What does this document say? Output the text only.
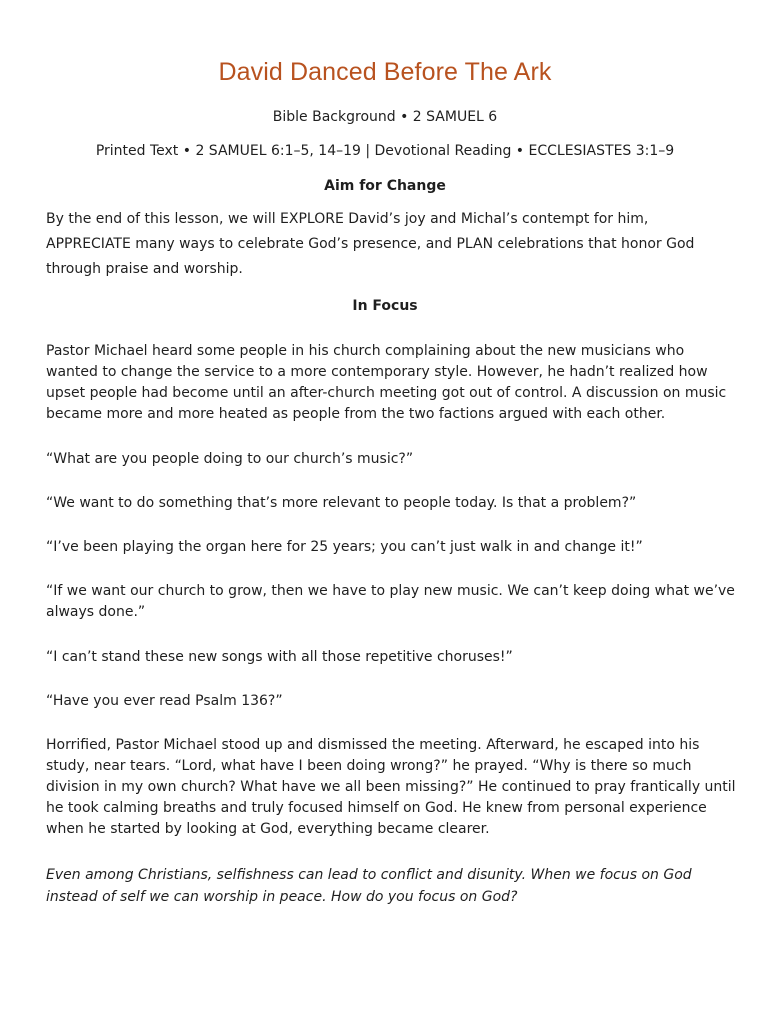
David Danced Before The Ark
Bible Background • 2 SAMUEL 6
Printed Text • 2 SAMUEL 6:1–5, 14–19 | Devotional Reading • ECCLESIASTES 3:1–9
Aim for Change

By the end of this lesson, we will EXPLORE David’s joy and Michal’s contempt for him, APPRECIATE many ways to celebrate God’s presence, and PLAN celebrations that honor God through praise and worship.

In Focus

Pastor Michael heard some people in his church complaining about the new musicians who wanted to change the service to a more contemporary style. However, he hadn’t realized how upset people had become until an after-church meeting got out of control. A discussion on music became more and more heated as people from the two factions argued with each other.

“What are you people doing to our church’s music?”

“We want to do something that’s more relevant to people today. Is that a problem?”

“I’ve been playing the organ here for 25 years; you can’t just walk in and change it!”

“If we want our church to grow, then we have to play new music. We can’t keep doing what we’ve always done.”

“I can’t stand these new songs with all those repetitive choruses!”

“Have you ever read Psalm 136?”

Horrified, Pastor Michael stood up and dismissed the meeting. Afterward, he escaped into his study, near tears. “Lord, what have I been doing wrong?” he prayed. “Why is there so much division in my own church? What have we all been missing?” He continued to pray frantically until he took calming breaths and truly focused himself on God. He knew from personal experience when he started by looking at God, everything became clearer.

Even among Christians, selfishness can lead to conflict and disunity. When we focus on God instead of self we can worship in peace. How do you focus on God?
